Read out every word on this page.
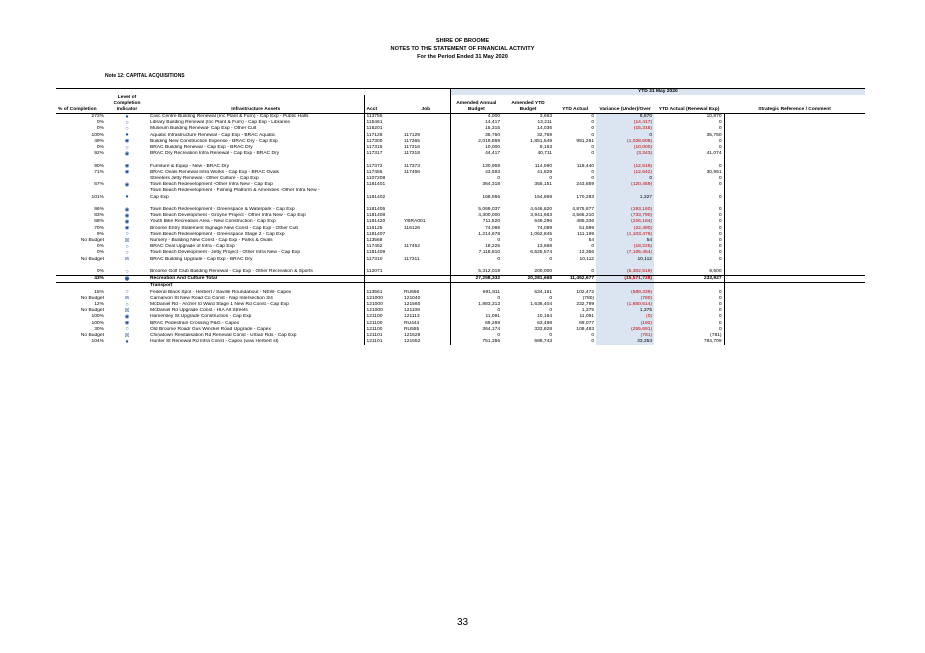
SHIRE OF BROOME
NOTES TO THE STATEMENT OF FINANCIAL ACTIVITY
For the Period Ended 31 May 2020
Note 12: CAPITAL ACQUISITIONS
					YTD 31 May 2020					
% of Completion	Level of Completion Indicator	Infrastructure Assets	Acct	Job	Amended Annual Budget	Amended YTD Budget	YTD Actual	Variance (Under)/Over	YTD Actual (Renewal Exp)	Strategic Reference / Comment
272%	●	Civic Centre Building Renewal (Inc Plant & Furn) - Cap Exp - Public Halls	113755		4,000	3,663	0	6,870	10,870	
0%	○	Library Building Renewal (Inc Plant & Furn) - Cap Exp - Libraries	115461		14,417	13,211	0	(14,417)	0	
0%	○	Museum Building Renewal- Cap Exp - Other Cult	116201		15,315	14,036	0	(15,315)	0	
100%	●	Aquatic Infrastructure Renewal - Cap Exp - BRAC Aquatic	117128	117129	35,750	32,769	0	0	35,750	
49%	◉	Building New Construction Expense - BRAC Dry - Cap Exp	117300	117365	2,019,869	1,851,549	991,261	(1,028,608)	0	
0%	○	BRAC Building Renewal - Cap Exp - BRAC Dry	117315	117316	10,000	9,163	0	(10,000)	0	
92%	◉	BRAC Dry Recreation Infra Renewal - Cap Exp - BRAC Dry	117317	117318	44,417	40,711	0	(3,343)	41,074	

90%	◉	Furniture & Equip - New - BRAC Dry	117372	117373	130,959	114,590	118,440	(12,519)	0	
71%	◉	BRAC Ovals Renewal Infra Works - Cap Exp - BRAC Ovals	117455	117456	43,593	41,829	0	(12,642)	30,951	
		Streeters Jetty Renewal - Other Culture - Cap Exp	1107208		0	0	0	0	0	
67%	◉	Town Beach Redevelopment -Other Infra New - Cap Exp	1181401		364,318	355,151	243,859	(120,459)	0	
		Town Beach Redevelopment - Fishing Platform & Amenities -Other Infra New -								
101%	●	Cap Exp	1181402		168,956	154,869	170,283	1,327	0	

96%	◉	Town Beach Redevelopment - Greenspace & Waterpark - Cap Exp	1181405		5,069,037	4,646,620	4,875,877	(193,160)	0	
83%	◉	Town Beach Development - Groyne Project - Other Infra New - Cap Exp	1181408		4,300,000	3,941,663	3,566,210	(733,790)	0	
68%	◉	Youth Bike Recreation Area - New Construction - Cap Exp	1181420	YBRA001	711,520	649,296	485,336	(226,184)	0	
70%	◉	Broome Entry Statement Signage New Const - Cap Exp - Other Cult	116125	116126	74,089	74,089	51,599	(22,490)	0	
9%	○	Town Beach Redevelopment - Greenspace Stage 2 - Cap Exp	1181407		1,214,678	1,062,845	111,199	(1,103,479)	0	
No Budget	☒	Nursery - Building New Const - Cap Exp - Parks & Ovals	113568		0	0	54	54	0	
0%	○	BRAC Oval Upgrade of Infra - Cap Exp	117452	117452	18,225	13,668	0	(18,225)	0	
0%	○	Town Beach Development - Jetty Project - Other Infra New - Cap Exp	1181409		7,118,810	6,525,574	13,356	(7,105,454)	0	
No Budget	☒	BRAC Building Upgrade - Cap Exp - BRAC Dry	117310	117311	0	0	10,112	10,112	0	

0%	○	Broome Golf Club Building Renewal - Cap Exp - Other Recreation & Sports	112071		5,312,019	200,000	0	(5,302,519)	9,500	
43%	◉	Recreation And Culture Total			27,258,332	20,281,668	11,452,677	(15,571,728)	233,927	
		Transport								
15%	○	Federal Black Spot - Herbert / Saville Roundabout - NEW- Capex	113561	RU666	691,811	634,161	102,472	(589,339)	0	
No Budget	☒	Carnarvon St New Road Co Const - Nap Intersection 3/4	121000	121040	0	0	(780)	(780)	0	
12%	○	McDaniel Rd - Archer to Ward Stage 1 New Rd Const - Cap Exp	121000	121560	1,883,313	1,636,404	232,799	(1,650,514)	0	
No Budget	☒	McDaniel Rd Upgrade Const - HIA All Streets	121000	121108	0	0	1,375	1,375	0	
100%	◉	Hamersley St Upgrade Construction - Cap Exp	121100	121113	11,091	10,164	11,091	(0)	0	
100%	◉	BRAC Pedestrain Crossing P&G - Capex	121100	RU444	69,269	63,498	69,077	(192)	0	
30%	○	Old Broome Road/ Gus Winckel Road Upgrade - Capex	121100	RU555	364,174	333,828	108,483	(255,691)	0	
No Budget	☒	Chinatown Revitalisation Rd Renewal Const - Urban Rds - Cap Exp	121101	121528	0	0	0	(781)	(781)	
104%	●	Hunter St Renewal Rd Infra Const - Capex (was Herbert st)	121101	121552	751,356	688,743	0	33,353	784,709	
33
